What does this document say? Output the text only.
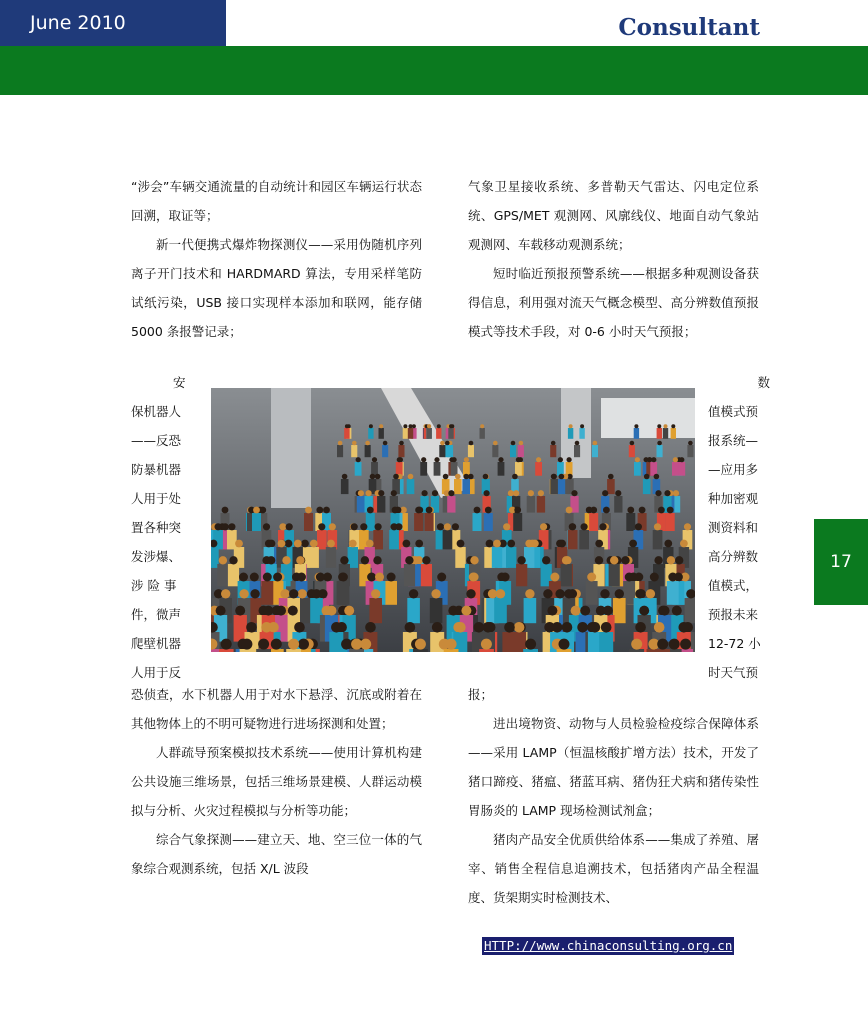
June 2010	Consultant

“涉会”车辆交通流量的自动统计和园区车辆运行状态回溯，取证等；

新一代便携式爆炸物探测仪——采用伪随机序列离子开门技术和 HARDMARD 算法，专用采样笔防试纸污染，USB 接口实现样本添加和联网，能存储 5000 条报警记录；

安
保机器人
——反恐
防暴机器
人用于处
置各种突
发涉爆、
涉 险 事
件，微声
爬壁机器
人用于反
数
值模式预
报系统—
—应用多
种加密观
测资料和
高分辨数
值模式，
预报未来
12-72 小
时天气预

气象卫星接收系统、多普勒天气雷达、闪电定位系统、GPS/MET 观测网、风廓线仪、地面自动气象站观测网、车载移动观测系统；

短时临近预报预警系统——根据多种观测设备获得信息，利用强对流天气概念模型、高分辨数值预报模式等技术手段，对 0-6 小时天气预报；

恐侦查，水下机器人用于对水下悬浮、沉底或附着在其他物体上的不明可疑物进行进场探测和处置；

人群疏导预案模拟技术系统——使用计算机构建公共设施三维场景，包括三维场景建模、人群运动模拟与分析、火灾过程模拟与分析等功能；

综合气象探测——建立天、地、空三位一体的气象综合观测系统，包括 X/L 波段

报；

进出境物资、动物与人员检验检疫综合保障体系——采用 LAMP（恒温核酸扩增方法）技术，开发了猪口蹄疫、猪瘟、猪蓝耳病、猪伪狂犬病和猪传染性胃肠炎的 LAMP 现场检测试剂盒；

猪肉产品安全优质供给体系——集成了养殖、屠宰、销售全程信息追溯技术，包括猪肉产品全程温度、货架期实时检测技术、

17
HTTP://www.chinaconsulting.org.cn
